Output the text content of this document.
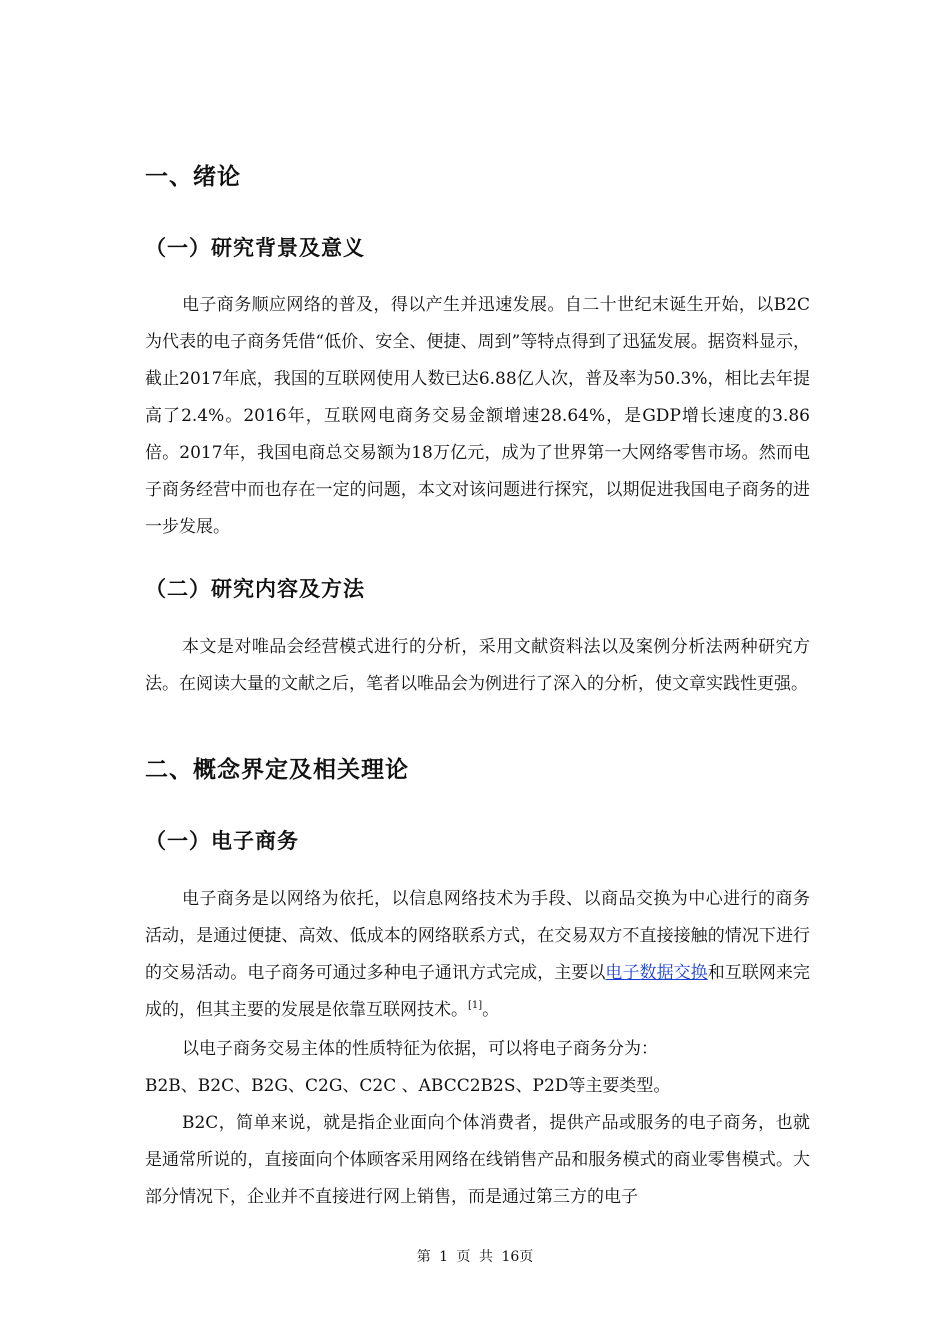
一、绪论
（一）研究背景及意义
电子商务顺应网络的普及，得以产生并迅速发展。自二十世纪末诞生开始，以B2C为代表的电子商务凭借“低价、安全、便捷、周到”等特点得到了迅猛发展。据资料显示，截止2017年底，我国的互联网使用人数已达6.88亿人次，普及率为50.3%，相比去年提高了2.4%。2016年，互联网电商务交易金额增速28.64%，是GDP增长速度的3.86倍。2017年，我国电商总交易额为18万亿元，成为了世界第一大网络零售市场。然而电子商务经营中而也存在一定的问题，本文对该问题进行探究，以期促进我国电子商务的进一步发展。
（二）研究内容及方法
本文是对唯品会经营模式进行的分析，采用文献资料法以及案例分析法两种研究方法。在阅读大量的文献之后，笔者以唯品会为例进行了深入的分析，使文章实践性更强。
二、概念界定及相关理论
（一）电子商务
电子商务是以网络为依托，以信息网络技术为手段、以商品交换为中心进行的商务活动，是通过便捷、高效、低成本的网络联系方式，在交易双方不直接接触的情况下进行的交易活动。电子商务可通过多种电子通讯方式完成，主要以电子数据交换和互联网来完成的，但其主要的发展是依靠互联网技术。[1]。
以电子商务交易主体的性质特征为依据，可以将电子商务分为：
B2B、B2C、B2G、C2G、C2C 、ABCC2B2S、P2D等主要类型。
B2C，简单来说，就是指企业面向个体消费者，提供产品或服务的电子商务，也就是通常所说的，直接面向个体顾客采用网络在线销售产品和服务模式的商业零售模式。大部分情况下，企业并不直接进行网上销售，而是通过第三方的电子
第 1 页 共 16页
